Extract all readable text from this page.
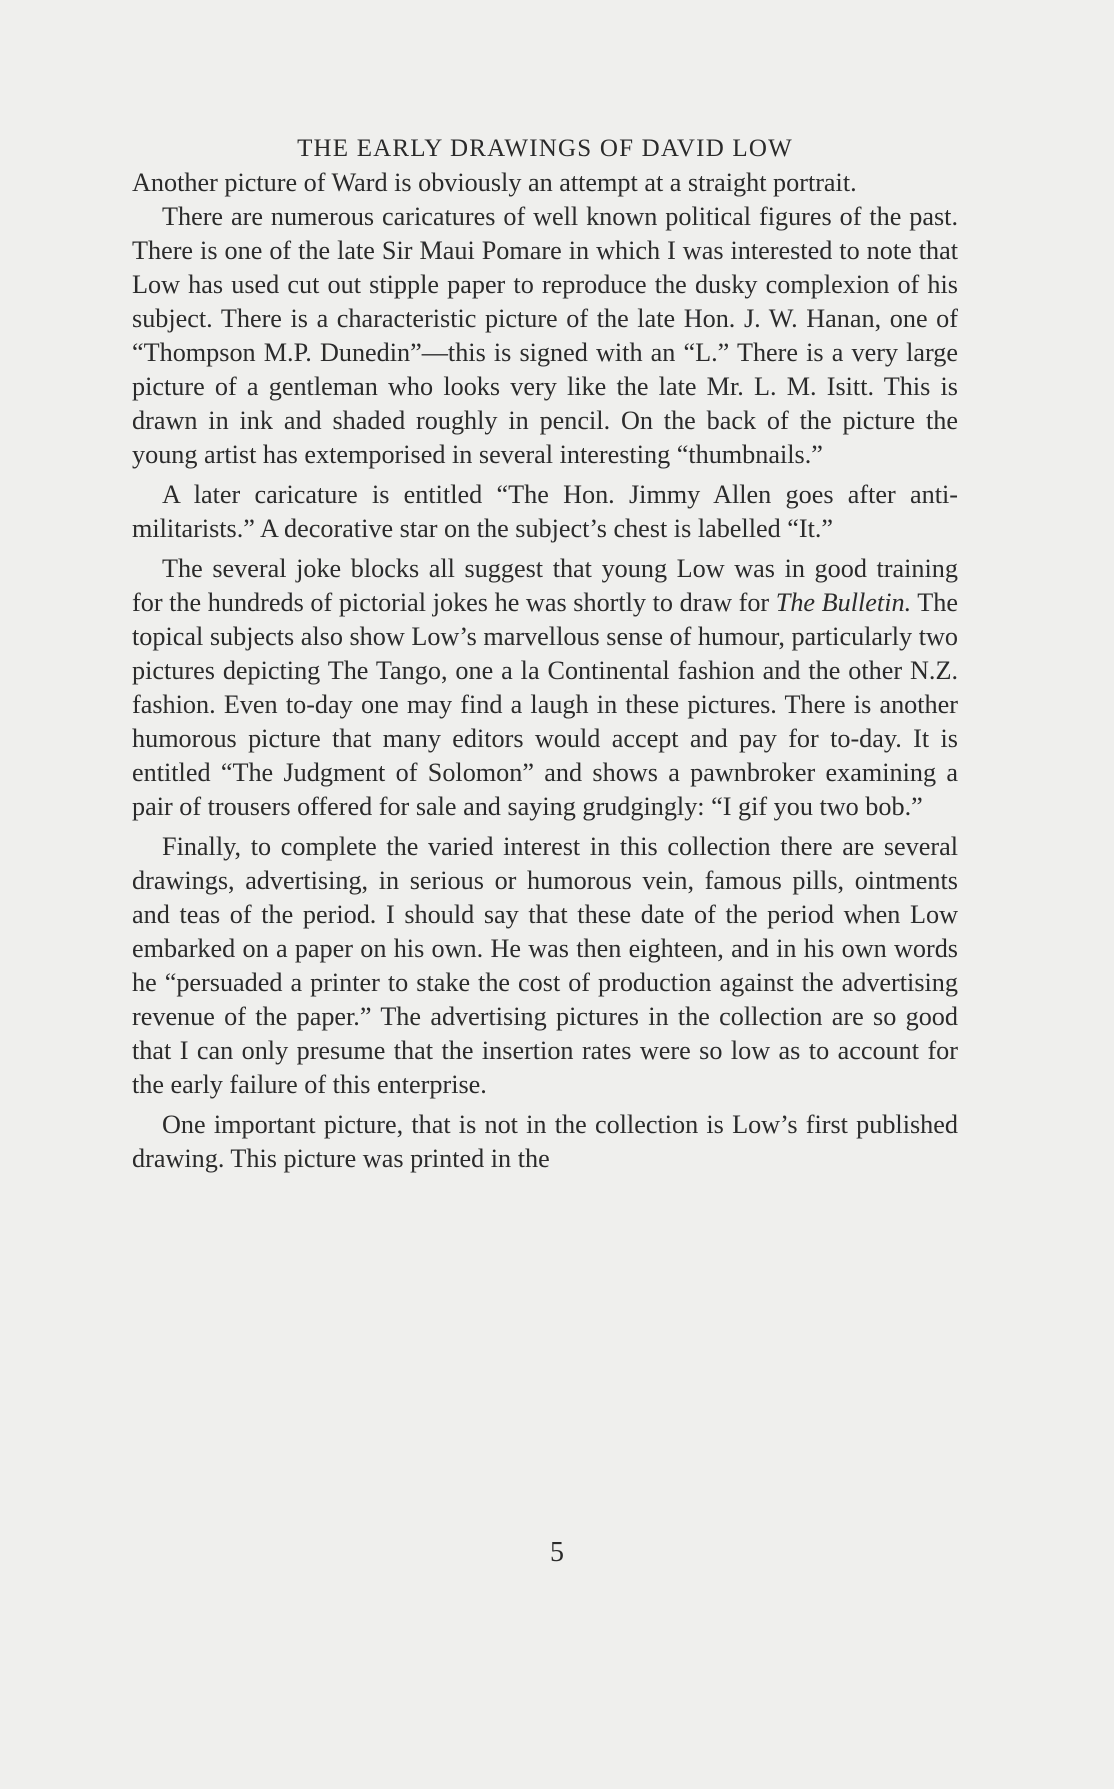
THE EARLY DRAWINGS OF DAVID LOW

Another picture of Ward is obviously an attempt at a straight portrait.

There are numerous caricatures of well known political figures of the past. There is one of the late Sir Maui Pomare in which I was interested to note that Low has used cut out stipple paper to reproduce the dusky complexion of his subject. There is a characteristic picture of the late Hon. J. W. Hanan, one of “Thompson M.P. Dunedin”—this is signed with an “L.” There is a very large picture of a gentleman who looks very like the late Mr. L. M. Isitt. This is drawn in ink and shaded roughly in pencil. On the back of the picture the young artist has extemporised in several interesting “thumbnails.”

A later caricature is entitled “The Hon. Jimmy Allen goes after anti-militarists.” A decorative star on the subject’s chest is labelled “It.”

The several joke blocks all suggest that young Low was in good training for the hundreds of pictorial jokes he was shortly to draw for The Bulletin. The topical subjects also show Low’s marvellous sense of humour, particularly two pictures depicting The Tango, one a la Continental fashion and the other N.Z. fashion. Even to-day one may find a laugh in these pictures. There is another humorous picture that many editors would accept and pay for to-day. It is entitled “The Judgment of Solomon” and shows a pawnbroker examining a pair of trousers offered for sale and saying grudgingly: “I gif you two bob.”

Finally, to complete the varied interest in this collection there are several drawings, advertising, in serious or humorous vein, famous pills, ointments and teas of the period. I should say that these date of the period when Low embarked on a paper on his own. He was then eighteen, and in his own words he “persuaded a printer to stake the cost of production against the advertising revenue of the paper.” The advertising pictures in the collection are so good that I can only presume that the insertion rates were so low as to account for the early failure of this enterprise.

One important picture, that is not in the collection is Low’s first published drawing. This picture was printed in the

5
